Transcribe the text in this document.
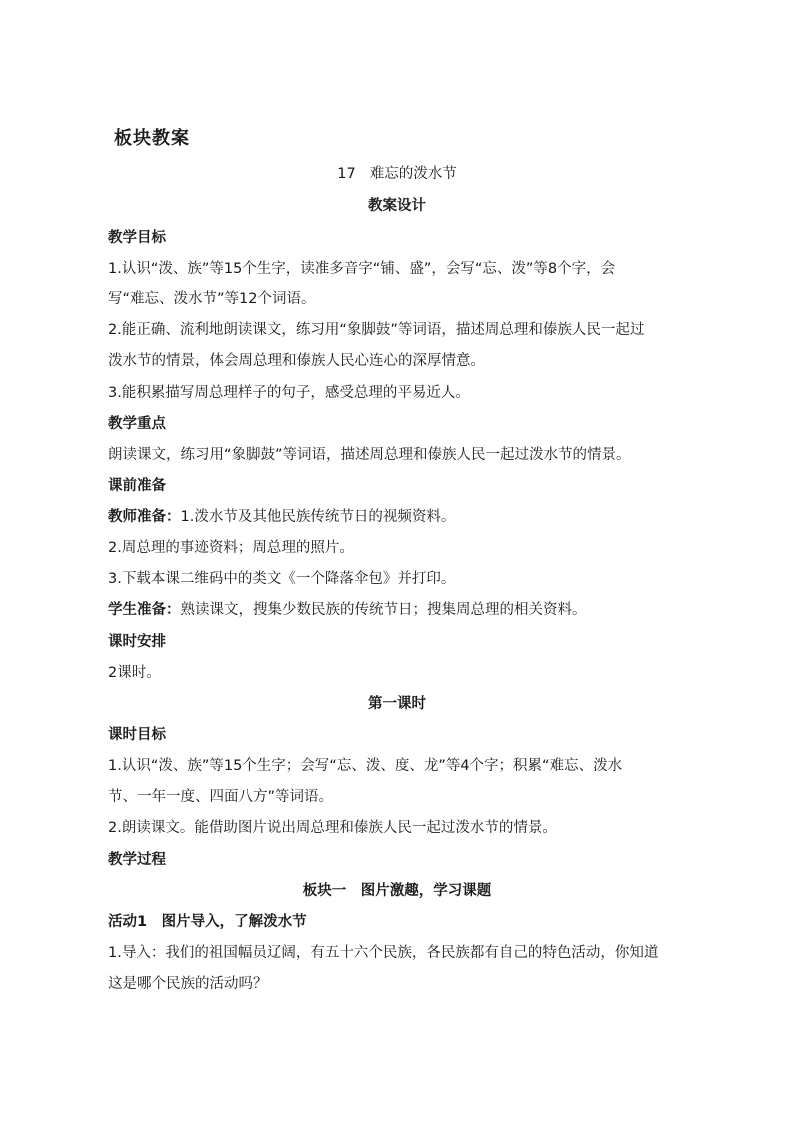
板块教案
17 难忘的泼水节
教案设计
教学目标
1.认识“泼、族”等15个生字，读准多音字“铺、盛”，会写“忘、泼”等8个字，会
写“难忘、泼水节”等12个词语。
2.能正确、流利地朗读课文，练习用“象脚鼓”等词语，描述周总理和傣族人民一起过
泼水节的情景，体会周总理和傣族人民心连心的深厚情意。
3.能积累描写周总理样子的句子，感受总理的平易近人。
教学重点
朗读课文，练习用“象脚鼓”等词语，描述周总理和傣族人民一起过泼水节的情景。
课前准备
教师准备：1.泼水节及其他民族传统节日的视频资料。
2.周总理的事迹资料；周总理的照片。
3.下载本课二维码中的类文《一个降落伞包》并打印。
学生准备：熟读课文，搜集少数民族的传统节日；搜集周总理的相关资料。
课时安排
2课时。
第一课时
课时目标
1.认识“泼、族”等15个生字；会写“忘、泼、度、龙”等4个字；积累“难忘、泼水
节、一年一度、四面八方”等词语。
2.朗读课文。能借助图片说出周总理和傣族人民一起过泼水节的情景。
教学过程
板块一　图片激趣，学习课题
活动1　图片导入，了解泼水节
1.导入：我们的祖国幅员辽阔，有五十六个民族，各民族都有自己的特色活动，你知道
这是哪个民族的活动吗？
